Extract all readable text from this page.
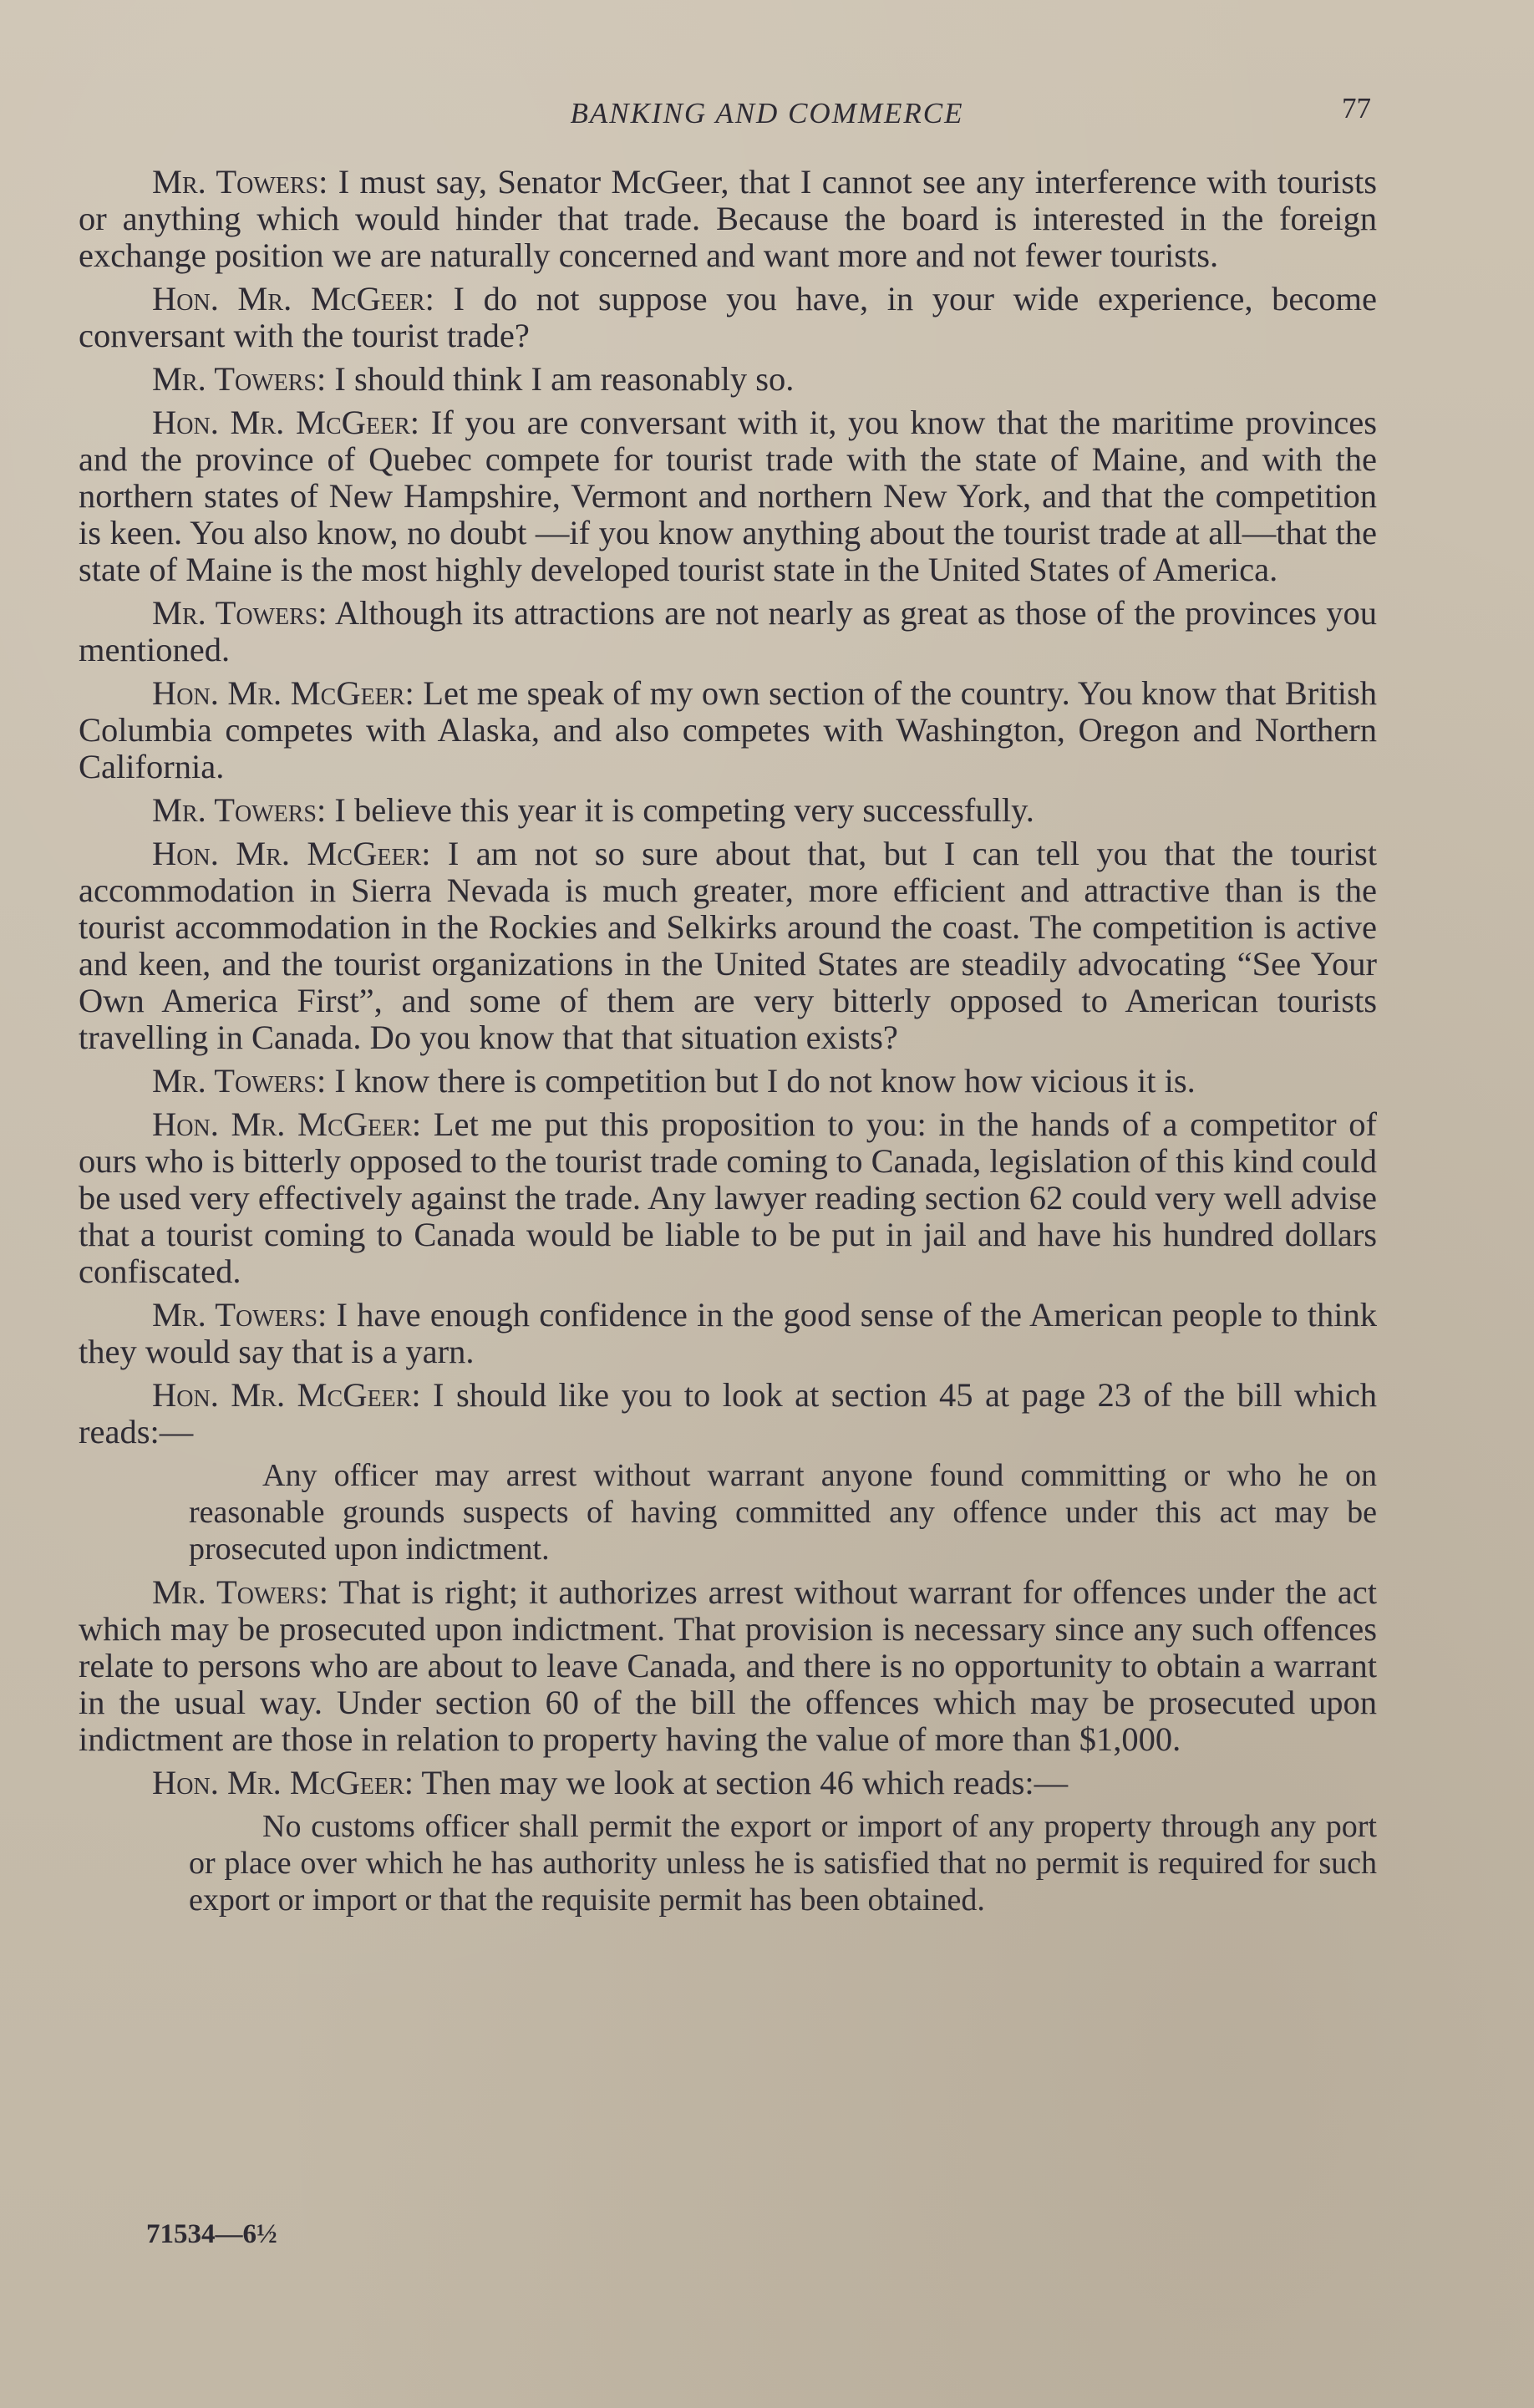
BANKING AND COMMERCE	77

Mr. Towers: I must say, Senator McGeer, that I cannot see any interference with tourists or anything which would hinder that trade. Because the board is interested in the foreign exchange position we are naturally concerned and want more and not fewer tourists.

Hon. Mr. McGeer: I do not suppose you have, in your wide experience, become conversant with the tourist trade?

Mr. Towers: I should think I am reasonably so.

Hon. Mr. McGeer: If you are conversant with it, you know that the maritime provinces and the province of Quebec compete for tourist trade with the state of Maine, and with the northern states of New Hampshire, Vermont and northern New York, and that the competition is keen. You also know, no doubt —if you know anything about the tourist trade at all—that the state of Maine is the most highly developed tourist state in the United States of America.

Mr. Towers: Although its attractions are not nearly as great as those of the provinces you mentioned.

Hon. Mr. McGeer: Let me speak of my own section of the country. You know that British Columbia competes with Alaska, and also competes with Washington, Oregon and Northern California.

Mr. Towers: I believe this year it is competing very successfully.

Hon. Mr. McGeer: I am not so sure about that, but I can tell you that the tourist accommodation in Sierra Nevada is much greater, more efficient and attractive than is the tourist accommodation in the Rockies and Selkirks around the coast. The competition is active and keen, and the tourist organizations in the United States are steadily advocating “See Your Own America First”, and some of them are very bitterly opposed to American tourists travelling in Canada. Do you know that that situation exists?

Mr. Towers: I know there is competition but I do not know how vicious it is.

Hon. Mr. McGeer: Let me put this proposition to you: in the hands of a competitor of ours who is bitterly opposed to the tourist trade coming to Canada, legislation of this kind could be used very effectively against the trade. Any lawyer reading section 62 could very well advise that a tourist coming to Canada would be liable to be put in jail and have his hundred dollars confiscated.

Mr. Towers: I have enough confidence in the good sense of the American people to think they would say that is a yarn.

Hon. Mr. McGeer: I should like you to look at section 45 at page 23 of the bill which reads:—

Any officer may arrest without warrant anyone found committing or who he on reasonable grounds suspects of having committed any offence under this act may be prosecuted upon indictment.

Mr. Towers: That is right; it authorizes arrest without warrant for offences under the act which may be prosecuted upon indictment. That provision is necessary since any such offences relate to persons who are about to leave Canada, and there is no opportunity to obtain a warrant in the usual way. Under section 60 of the bill the offences which may be prosecuted upon indictment are those in relation to property having the value of more than $1,000.

Hon. Mr. McGeer: Then may we look at section 46 which reads:—

No customs officer shall permit the export or import of any property through any port or place over which he has authority unless he is satisfied that no permit is required for such export or import or that the requisite permit has been obtained.

71534—6½
